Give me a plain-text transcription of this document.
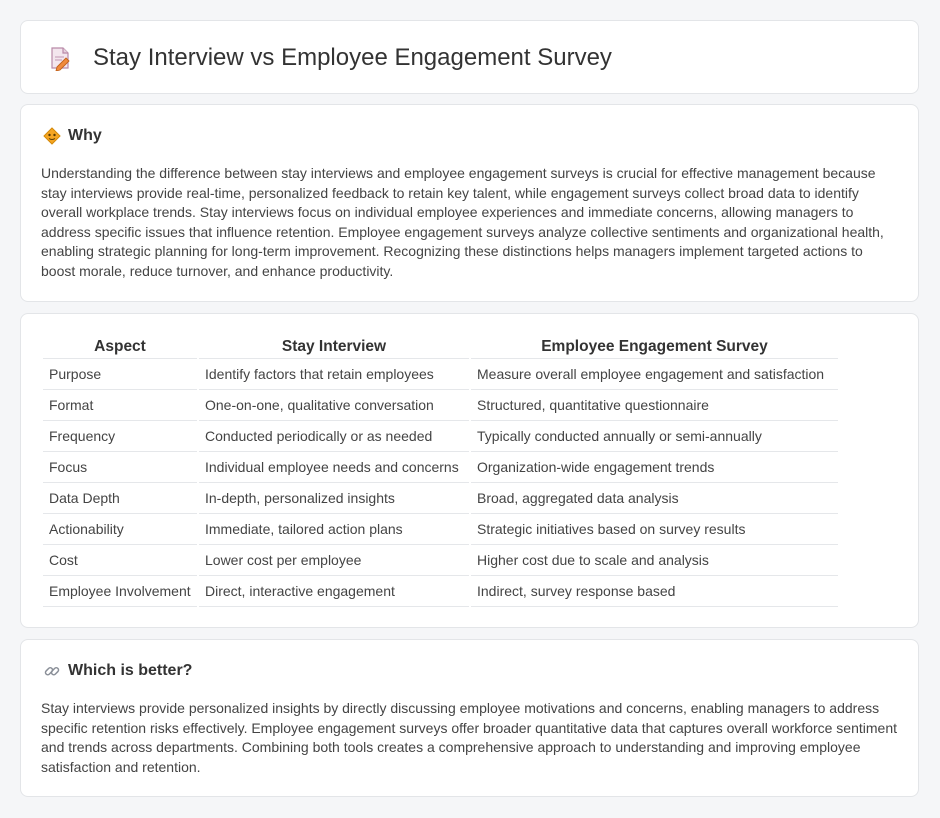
Stay Interview vs Employee Engagement Survey
Why

Understanding the difference between stay interviews and employee engagement surveys is crucial for effective management because stay interviews provide real-time, personalized feedback to retain key talent, while engagement surveys collect broad data to identify overall workplace trends. Stay interviews focus on individual employee experiences and immediate concerns, allowing managers to address specific issues that influence retention. Employee engagement surveys analyze collective sentiments and organizational health, enabling strategic planning for long-term improvement. Recognizing these distinctions helps managers implement targeted actions to boost morale, reduce turnover, and enhance productivity.

Aspect	Stay Interview	Employee Engagement Survey
Purpose	Identify factors that retain employees	Measure overall employee engagement and satisfaction
Format	One-on-one, qualitative conversation	Structured, quantitative questionnaire
Frequency	Conducted periodically or as needed	Typically conducted annually or semi-annually
Focus	Individual employee needs and concerns	Organization-wide engagement trends
Data Depth	In-depth, personalized insights	Broad, aggregated data analysis
Actionability	Immediate, tailored action plans	Strategic initiatives based on survey results
Cost	Lower cost per employee	Higher cost due to scale and analysis
Employee Involvement	Direct, interactive engagement	Indirect, survey response based
Which is better?

Stay interviews provide personalized insights by directly discussing employee motivations and concerns, enabling managers to address specific retention risks effectively. Employee engagement surveys offer broader quantitative data that captures overall workforce sentiment and trends across departments. Combining both tools creates a comprehensive approach to understanding and improving employee satisfaction and retention.
